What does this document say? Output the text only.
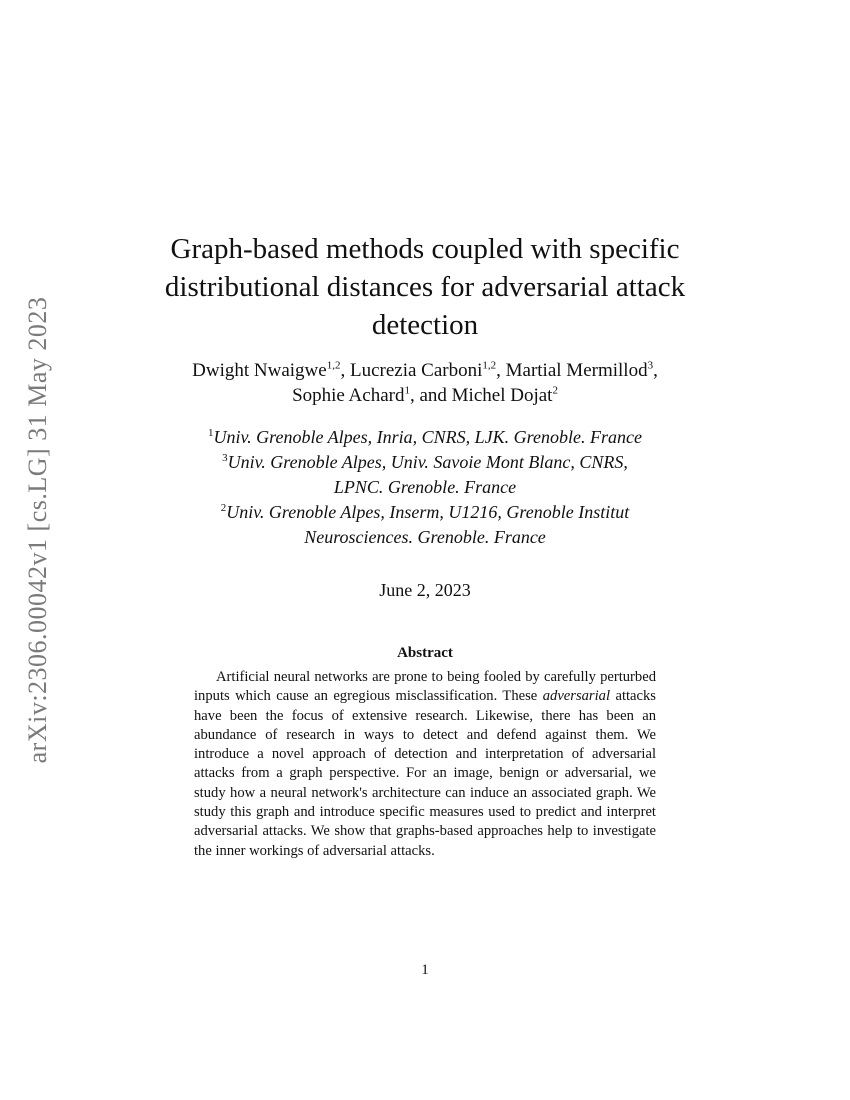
arXiv:2306.00042v1 [cs.LG] 31 May 2023
Graph-based methods coupled with specific
distributional distances for adversarial attack
detection
Dwight Nwaigwe$^{1,2}$, Lucrezia Carboni$^{1,2}$, Martial Mermillod$^3$,
Sophie Achard$^1$, and Michel Dojat$^2$
$^1$Univ. Grenoble Alpes, Inria, CNRS, LJK. Grenoble. France
$^3$Univ. Grenoble Alpes, Univ. Savoie Mont Blanc, CNRS,
LPNC. Grenoble. France
$^2$Univ. Grenoble Alpes, Inserm, U1216, Grenoble Institut
Neurosciences. Grenoble. France
June 2, 2023
Abstract

Artificial neural networks are prone to being fooled by carefully perturbed inputs which cause an egregious misclassification. These adversarial attacks have been the focus of extensive research. Likewise, there has been an abundance of research in ways to detect and defend against them. We introduce a novel approach of detection and interpretation of adversarial attacks from a graph perspective. For an image, benign or adversarial, we study how a neural network's architecture can induce an associated graph. We study this graph and introduce specific measures used to predict and interpret adversarial attacks. We show that graphs-based approaches help to investigate the inner workings of adversarial attacks.

1
